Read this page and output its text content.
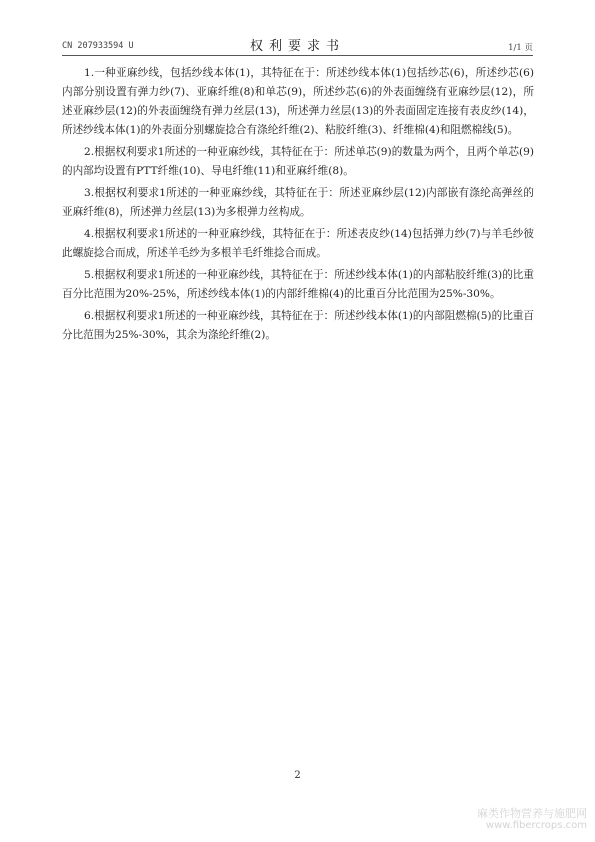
CN 207933594 U	权利要求书	1/1 页

1.一种亚麻纱线，包括纱线本体(1)，其特征在于：所述纱线本体(1)包括纱芯(6)，所述纱芯(6)内部分别设置有弹力纱(7)、亚麻纤维(8)和单芯(9)，所述纱芯(6)的外表面缠绕有亚麻纱层(12)，所述亚麻纱层(12)的外表面缠绕有弹力丝层(13)，所述弹力丝层(13)的外表面固定连接有表皮纱(14)，所述纱线本体(1)的外表面分别螺旋捻合有涤纶纤维(2)、粘胶纤维(3)、纤维棉(4)和阻燃棉线(5)。

2.根据权利要求1所述的一种亚麻纱线，其特征在于：所述单芯(9)的数量为两个，且两个单芯(9)的内部均设置有PTT纤维(10)、导电纤维(11)和亚麻纤维(8)。

3.根据权利要求1所述的一种亚麻纱线，其特征在于：所述亚麻纱层(12)内部嵌有涤纶高弹丝的亚麻纤维(8)，所述弹力丝层(13)为多根弹力丝构成。

4.根据权利要求1所述的一种亚麻纱线，其特征在于：所述表皮纱(14)包括弹力纱(7)与羊毛纱彼此螺旋捻合而成，所述羊毛纱为多根羊毛纤维捻合而成。

5.根据权利要求1所述的一种亚麻纱线，其特征在于：所述纱线本体(1)的内部粘胶纤维(3)的比重百分比范围为20%-25%，所述纱线本体(1)的内部纤维棉(4)的比重百分比范围为25%-30%。

6.根据权利要求1所述的一种亚麻纱线，其特征在于：所述纱线本体(1)的内部阻燃棉(5)的比重百分比范围为25%-30%，其余为涤纶纤维(2)。

2
麻类作物营养与施肥网
www.fibercrops.com
